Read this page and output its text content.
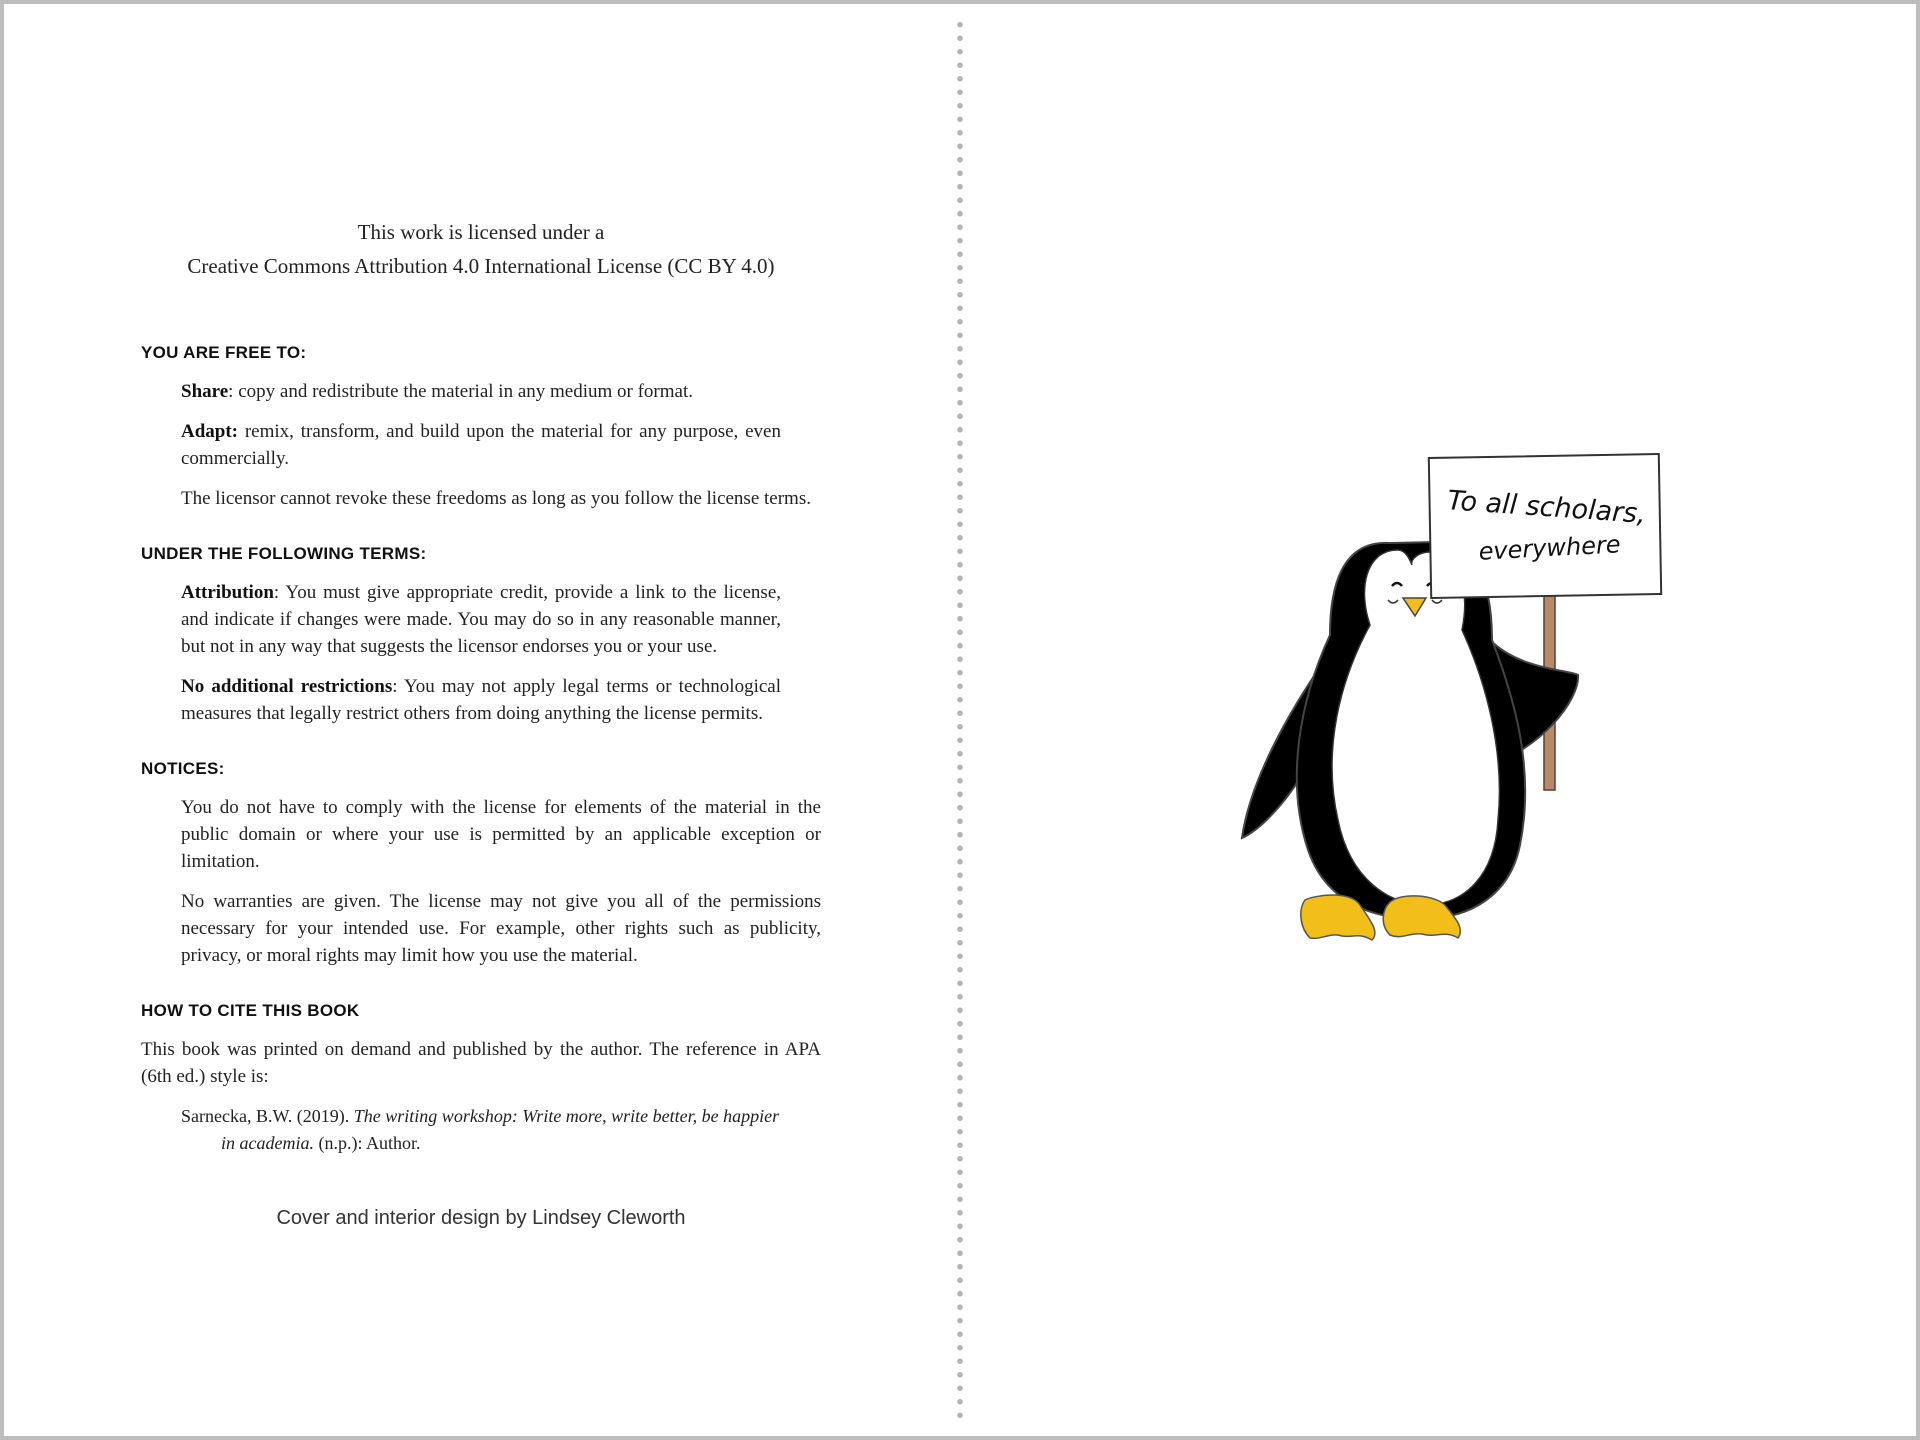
This work is licensed under a
Creative Commons Attribution 4.0 International License (CC BY 4.0)
YOU ARE FREE TO:
Share: copy and redistribute the material in any medium or format.
Adapt: remix, transform, and build upon the material for any purpose, even commercially.
The licensor cannot revoke these freedoms as long as you follow the license terms.
UNDER THE FOLLOWING TERMS:
Attribution: You must give appropriate credit, provide a link to the license, and indicate if changes were made. You may do so in any reasonable manner, but not in any way that suggests the licensor endorses you or your use.
No additional restrictions: You may not apply legal terms or technological measures that legally restrict others from doing anything the license permits.
NOTICES:
You do not have to comply with the license for elements of the material in the public domain or where your use is permitted by an applicable exception or limitation.
No warranties are given. The license may not give you all of the permissions necessary for your intended use. For example, other rights such as publicity, privacy, or moral rights may limit how you use the material.
HOW TO CITE THIS BOOK
This book was printed on demand and published by the author. The reference in APA (6th ed.) style is:
Sarnecka, B.W. (2019). The writing workshop: Write more, write better, be happier in academia. (n.p.): Author.
Cover and interior design by Lindsey Cleworth
To all scholars,
everywhere
